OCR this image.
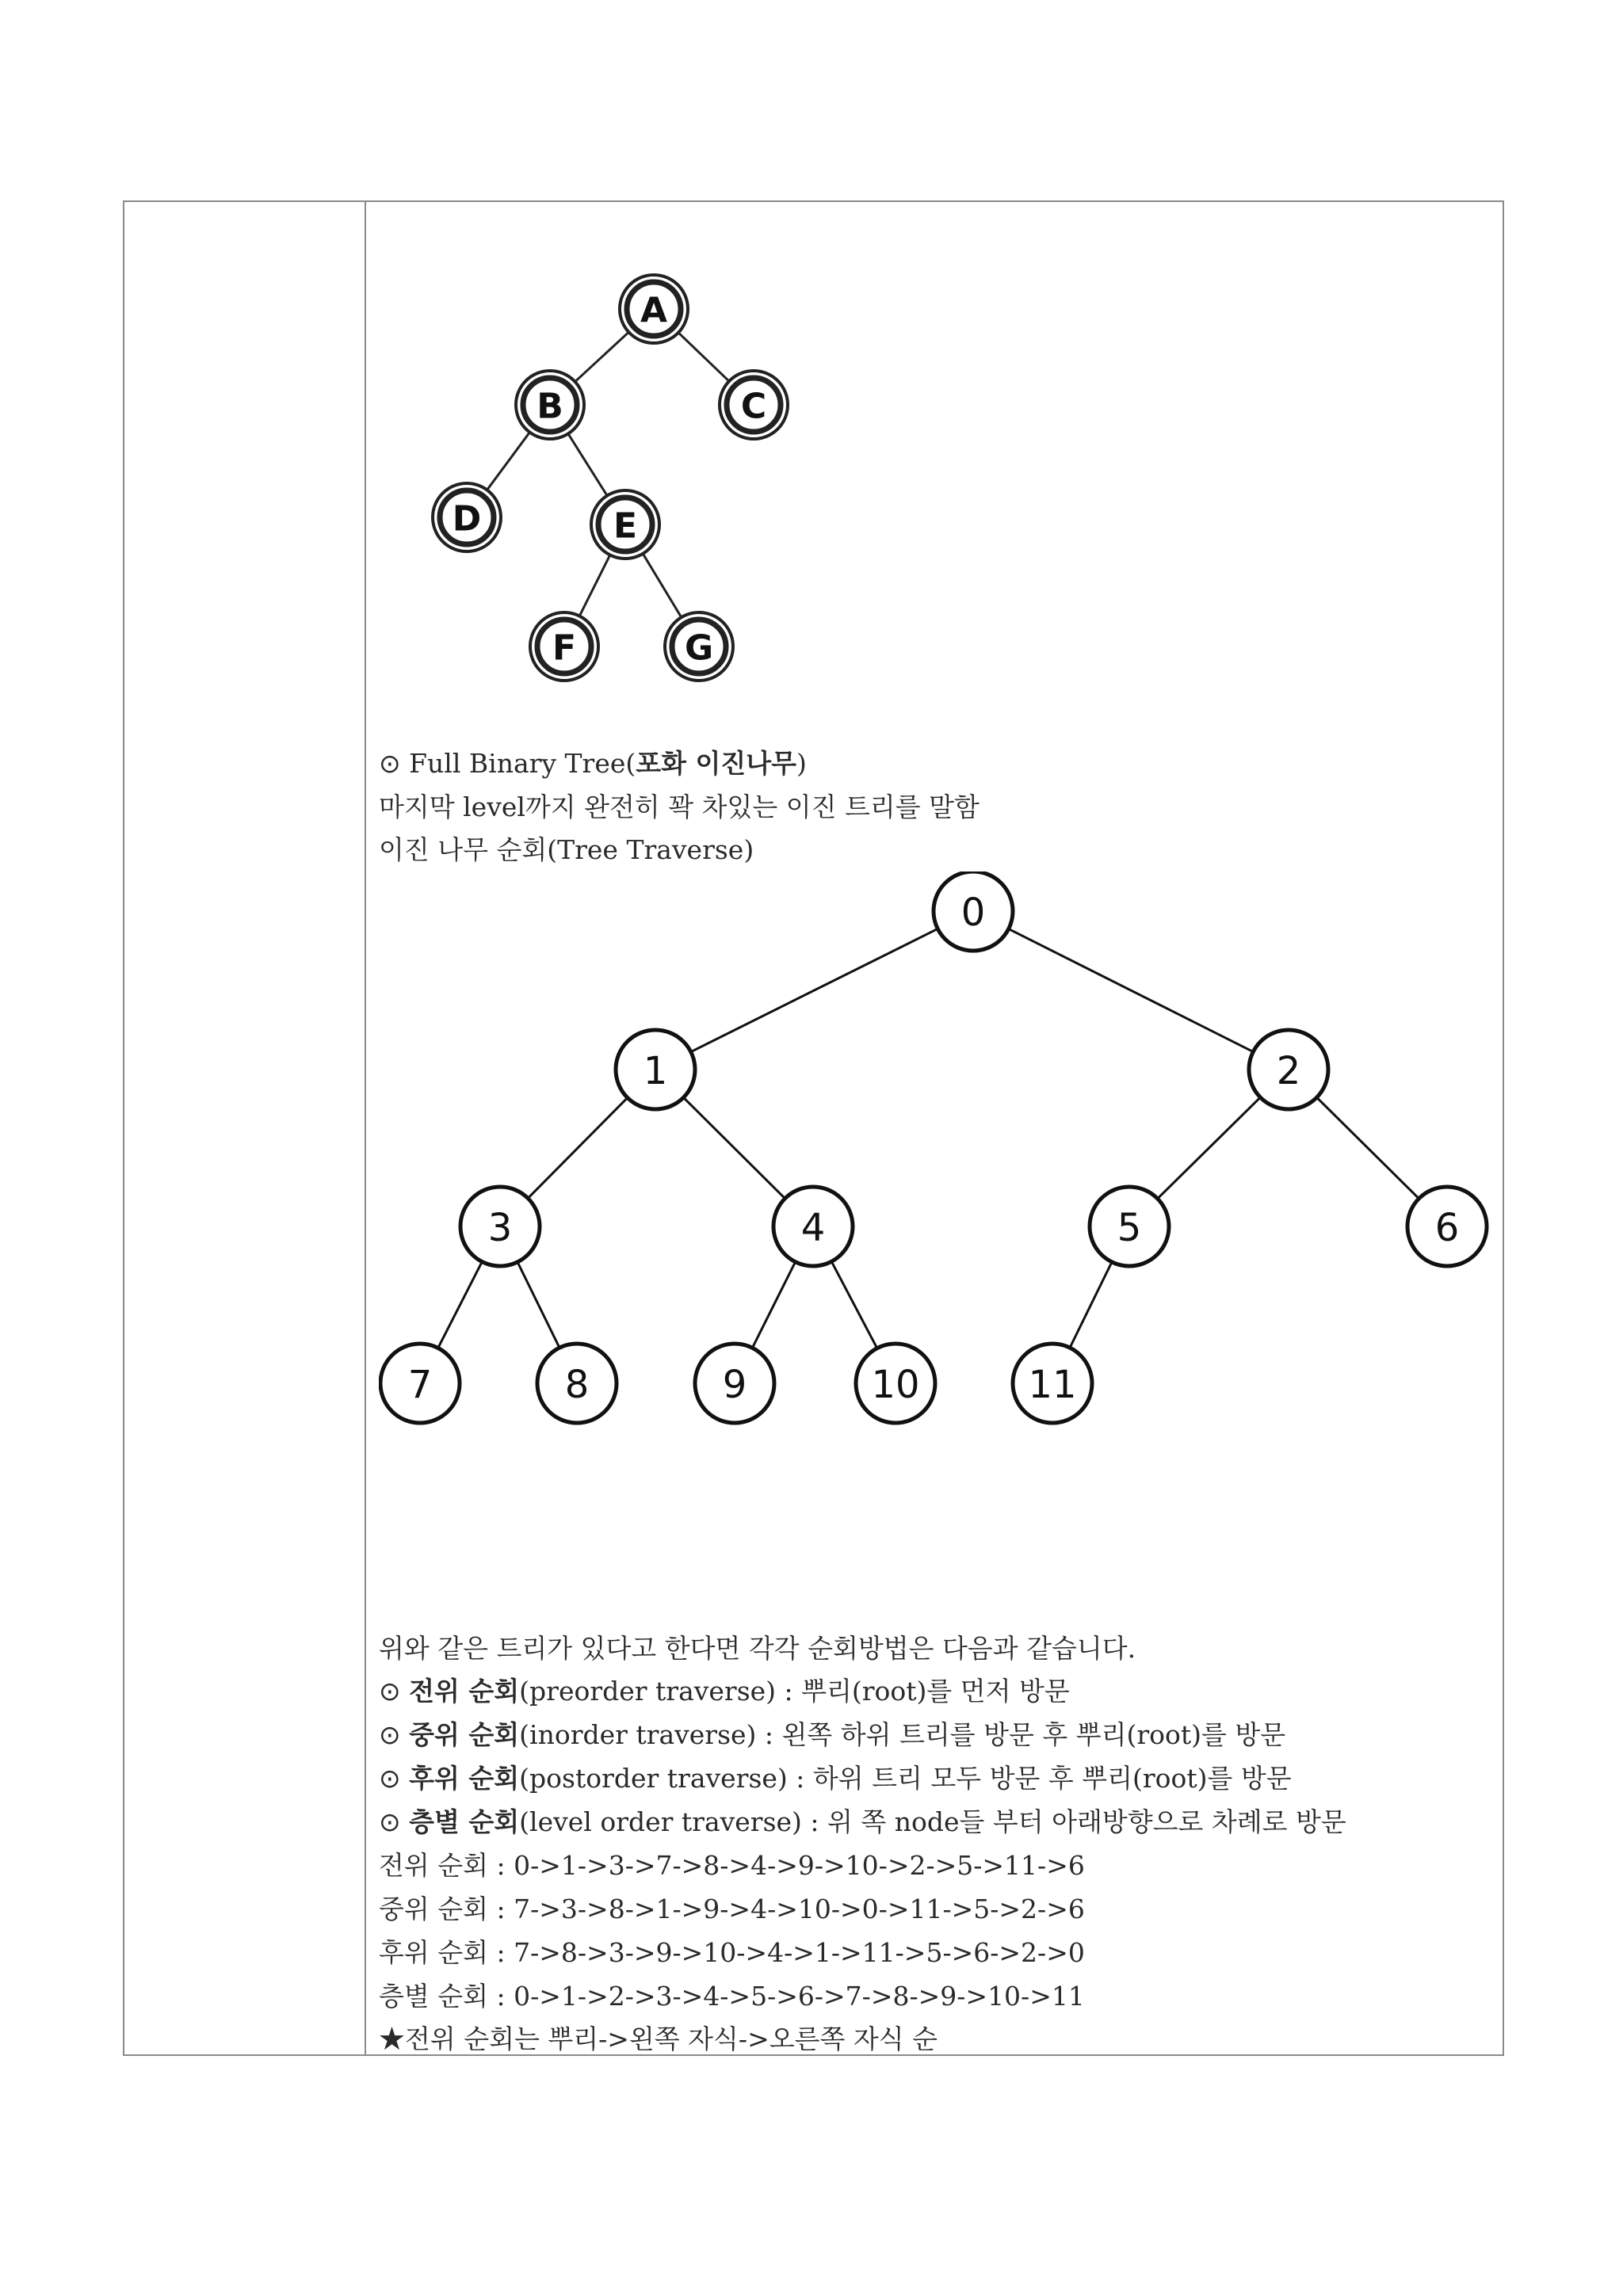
A
B	C
D	E
F	G
⊙ Full Binary Tree(포화 이진나무)
마지막 level까지 완전히 꽉 차있는 이진 트리를 말함
이진 나무 순회(Tree Traverse)
0
1	2
3	4	5	6
7	8	9	10	11
위와 같은 트리가 있다고 한다면 각각 순회방법은 다음과 같습니다.
⊙ 전위 순회(preorder traverse) : 뿌리(root)를 먼저 방문
⊙ 중위 순회(inorder traverse) : 왼쪽 하위 트리를 방문 후 뿌리(root)를 방문
⊙ 후위 순회(postorder traverse) : 하위 트리 모두 방문 후 뿌리(root)를 방문
⊙ 층별 순회(level order traverse) : 위 쪽 node들 부터 아래방향으로 차례로 방문
전위 순회 : 0->1->3->7->8->4->9->10->2->5->11->6
중위 순회 : 7->3->8->1->9->4->10->0->11->5->2->6
후위 순회 : 7->8->3->9->10->4->1->11->5->6->2->0
층별 순회 : 0->1->2->3->4->5->6->7->8->9->10->11
★전위 순회는 뿌리->왼쪽 자식->오른쪽 자식 순
